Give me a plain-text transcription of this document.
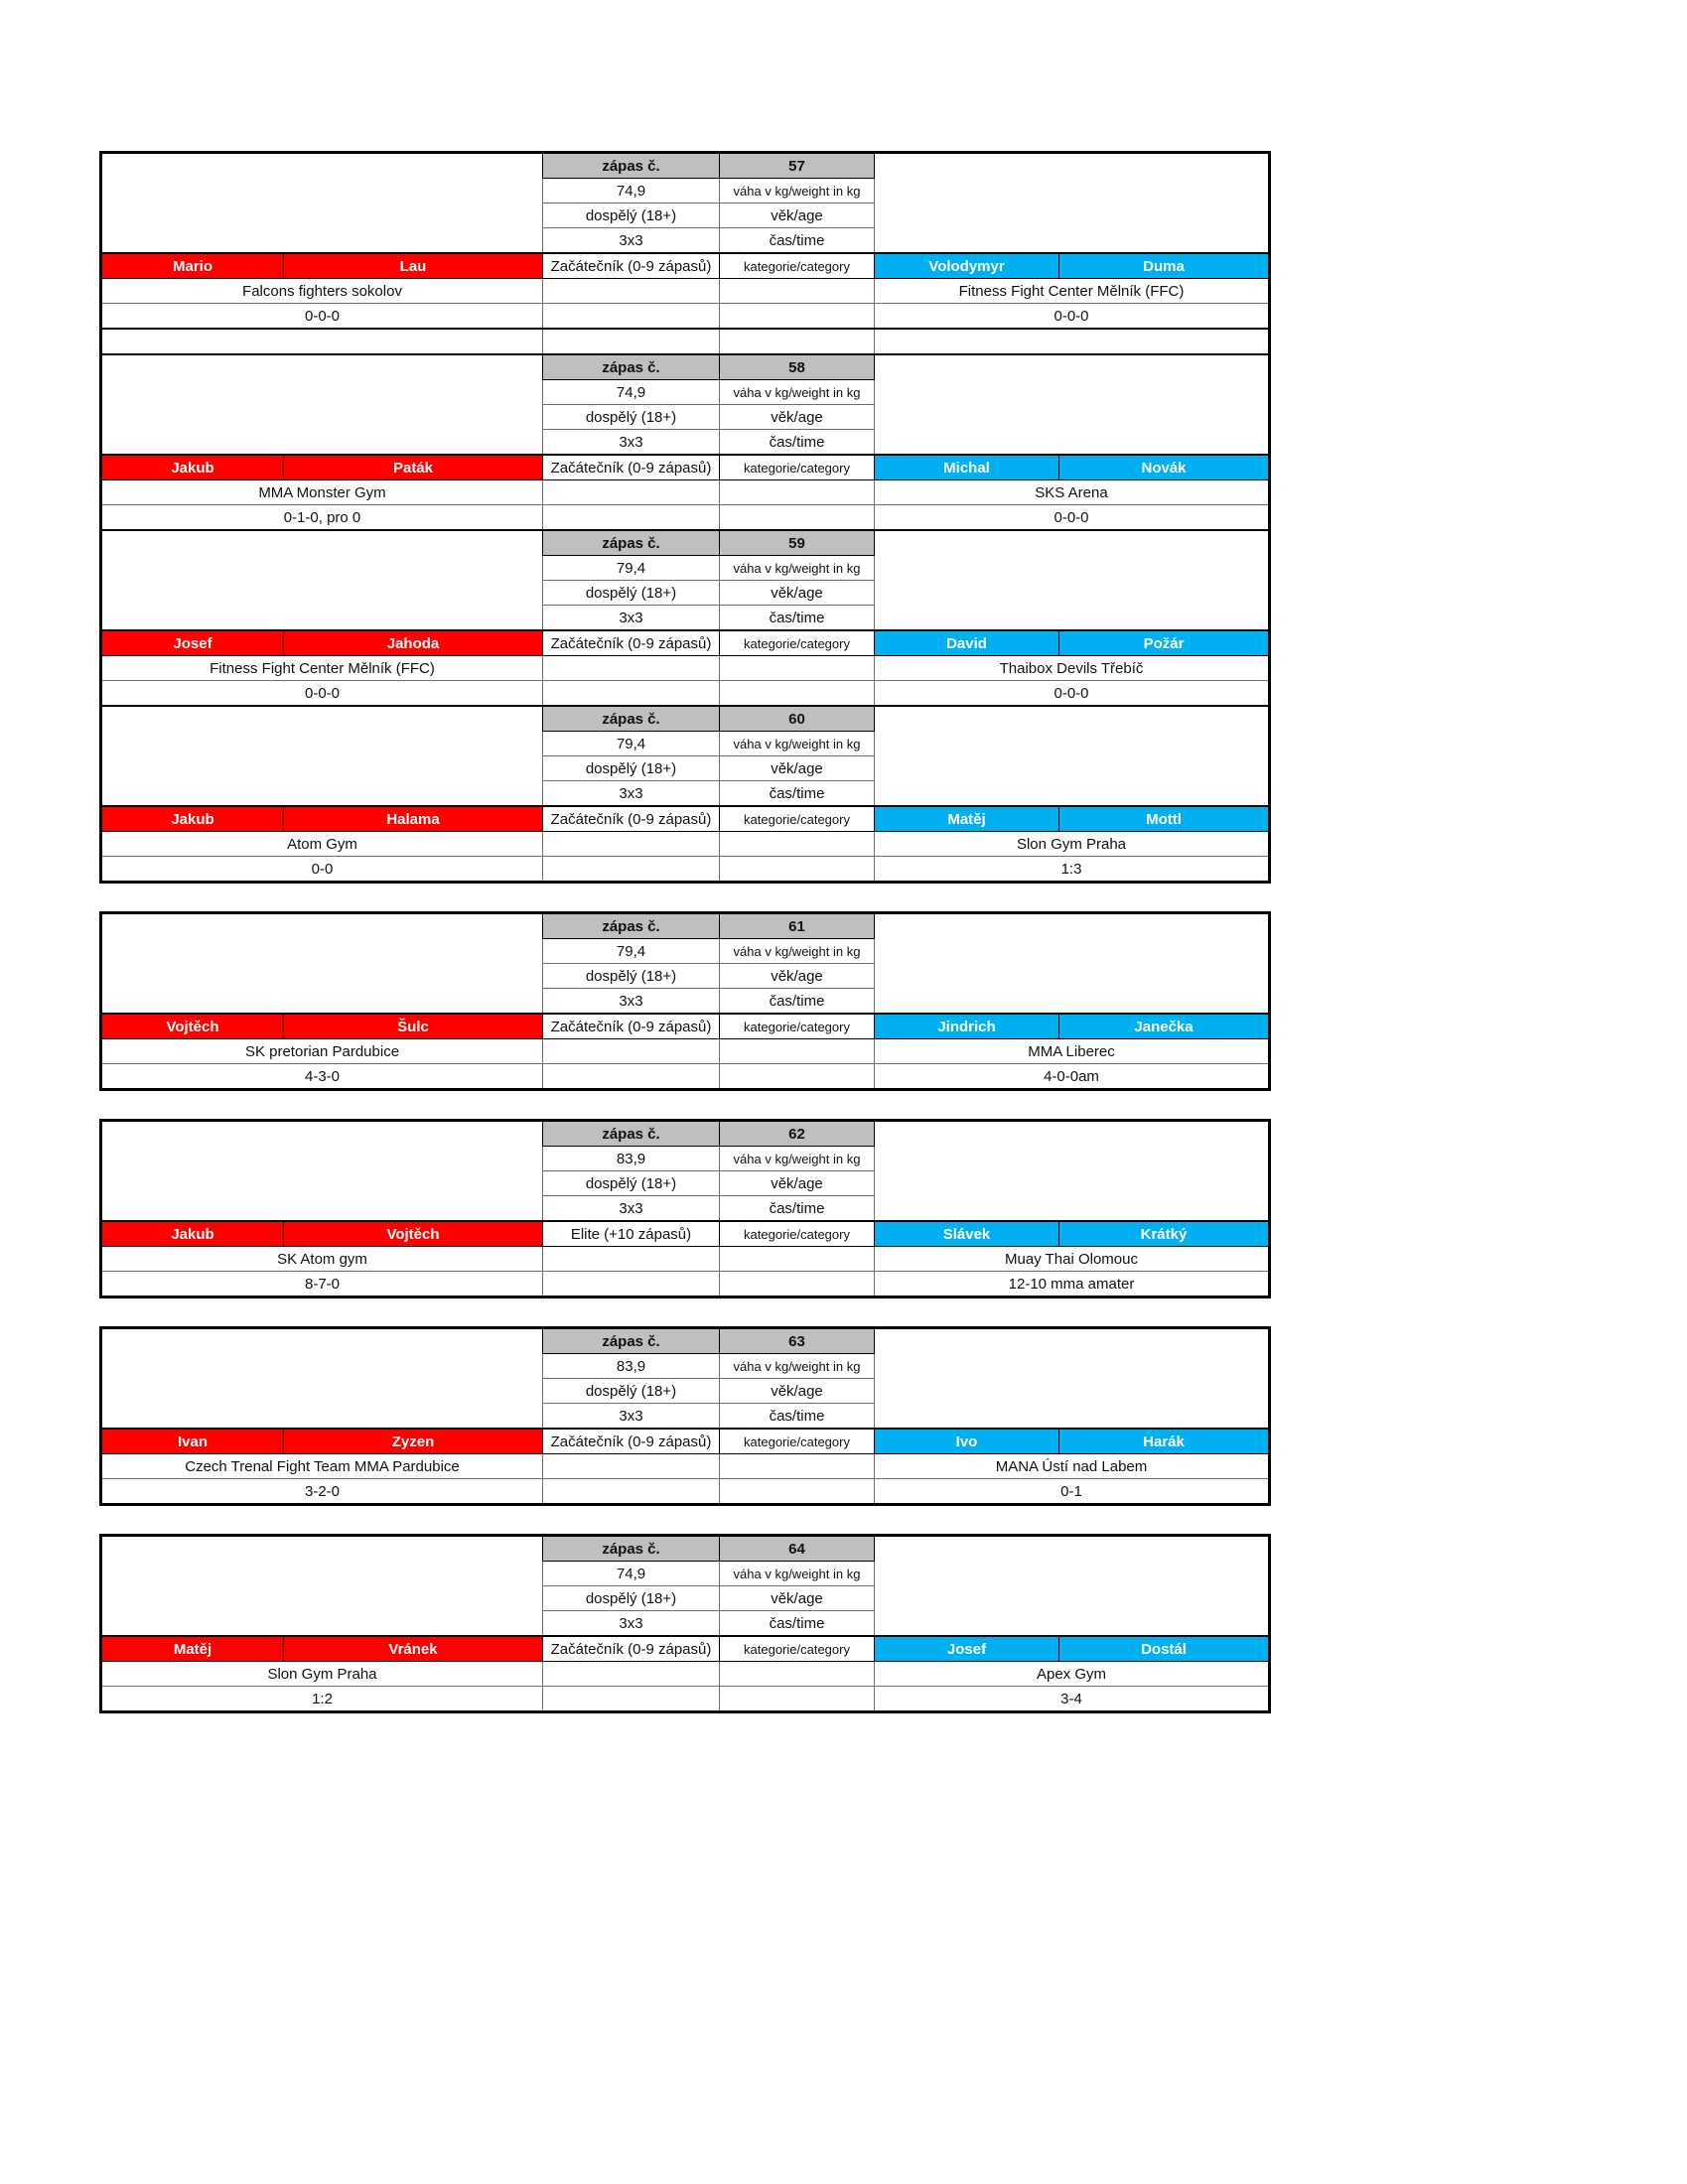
		zápas č.	57		
		74,9	váha v kg/weight in kg		
		dospělý (18+)	věk/age		
		3x3	čas/time		
Mario	Lau	Začátečník (0-9 zápasů)	kategorie/category	Volodymyr	Duma
Falcons fighters sokolov				Fitness Fight Center Mělník (FFC)	
0-0-0				0-0-0	

		zápas č.	58		
		74,9	váha v kg/weight in kg		
		dospělý (18+)	věk/age		
		3x3	čas/time		
Jakub	Paták	Začátečník (0-9 zápasů)	kategorie/category	Michal	Novák
MMA Monster Gym				SKS Arena	
0-1-0, pro 0				0-0-0	
		zápas č.	59		
		79,4	váha v kg/weight in kg		
		dospělý (18+)	věk/age		
		3x3	čas/time		
Josef	Jahoda	Začátečník (0-9 zápasů)	kategorie/category	David	Požár
Fitness Fight Center Mělník (FFC)				Thaibox Devils Třebíč	
0-0-0				0-0-0	
		zápas č.	60		
		79,4	váha v kg/weight in kg		
		dospělý (18+)	věk/age		
		3x3	čas/time		
Jakub	Halama	Začátečník (0-9 zápasů)	kategorie/category	Matěj	Mottl
Atom Gym				Slon Gym Praha	
0-0				1:3	
		zápas č.	61		
		79,4	váha v kg/weight in kg		
		dospělý (18+)	věk/age		
		3x3	čas/time		
Vojtěch	Šulc	Začátečník (0-9 zápasů)	kategorie/category	Jindrich	Janečka
SK pretorian Pardubice				MMA Liberec	
4-3-0				4-0-0am	
		zápas č.	62		
		83,9	váha v kg/weight in kg		
		dospělý (18+)	věk/age		
		3x3	čas/time		
Jakub	Vojtěch	Elite (+10 zápasů)	kategorie/category	Slávek	Krátký
SK Atom gym				Muay Thai Olomouc	
8-7-0				12-10 mma amater	
		zápas č.	63		
		83,9	váha v kg/weight in kg		
		dospělý (18+)	věk/age		
		3x3	čas/time		
Ivan	Zyzen	Začátečník (0-9 zápasů)	kategorie/category	Ivo	Harák
Czech Trenal Fight Team MMA Pardubice				MANA Ústí nad Labem	
3-2-0				0-1	
		zápas č.	64		
		74,9	váha v kg/weight in kg		
		dospělý (18+)	věk/age		
		3x3	čas/time		
Matěj	Vránek	Začátečník (0-9 zápasů)	kategorie/category	Josef	Dostál
Slon Gym Praha				Apex Gym	
1:2				3-4	
